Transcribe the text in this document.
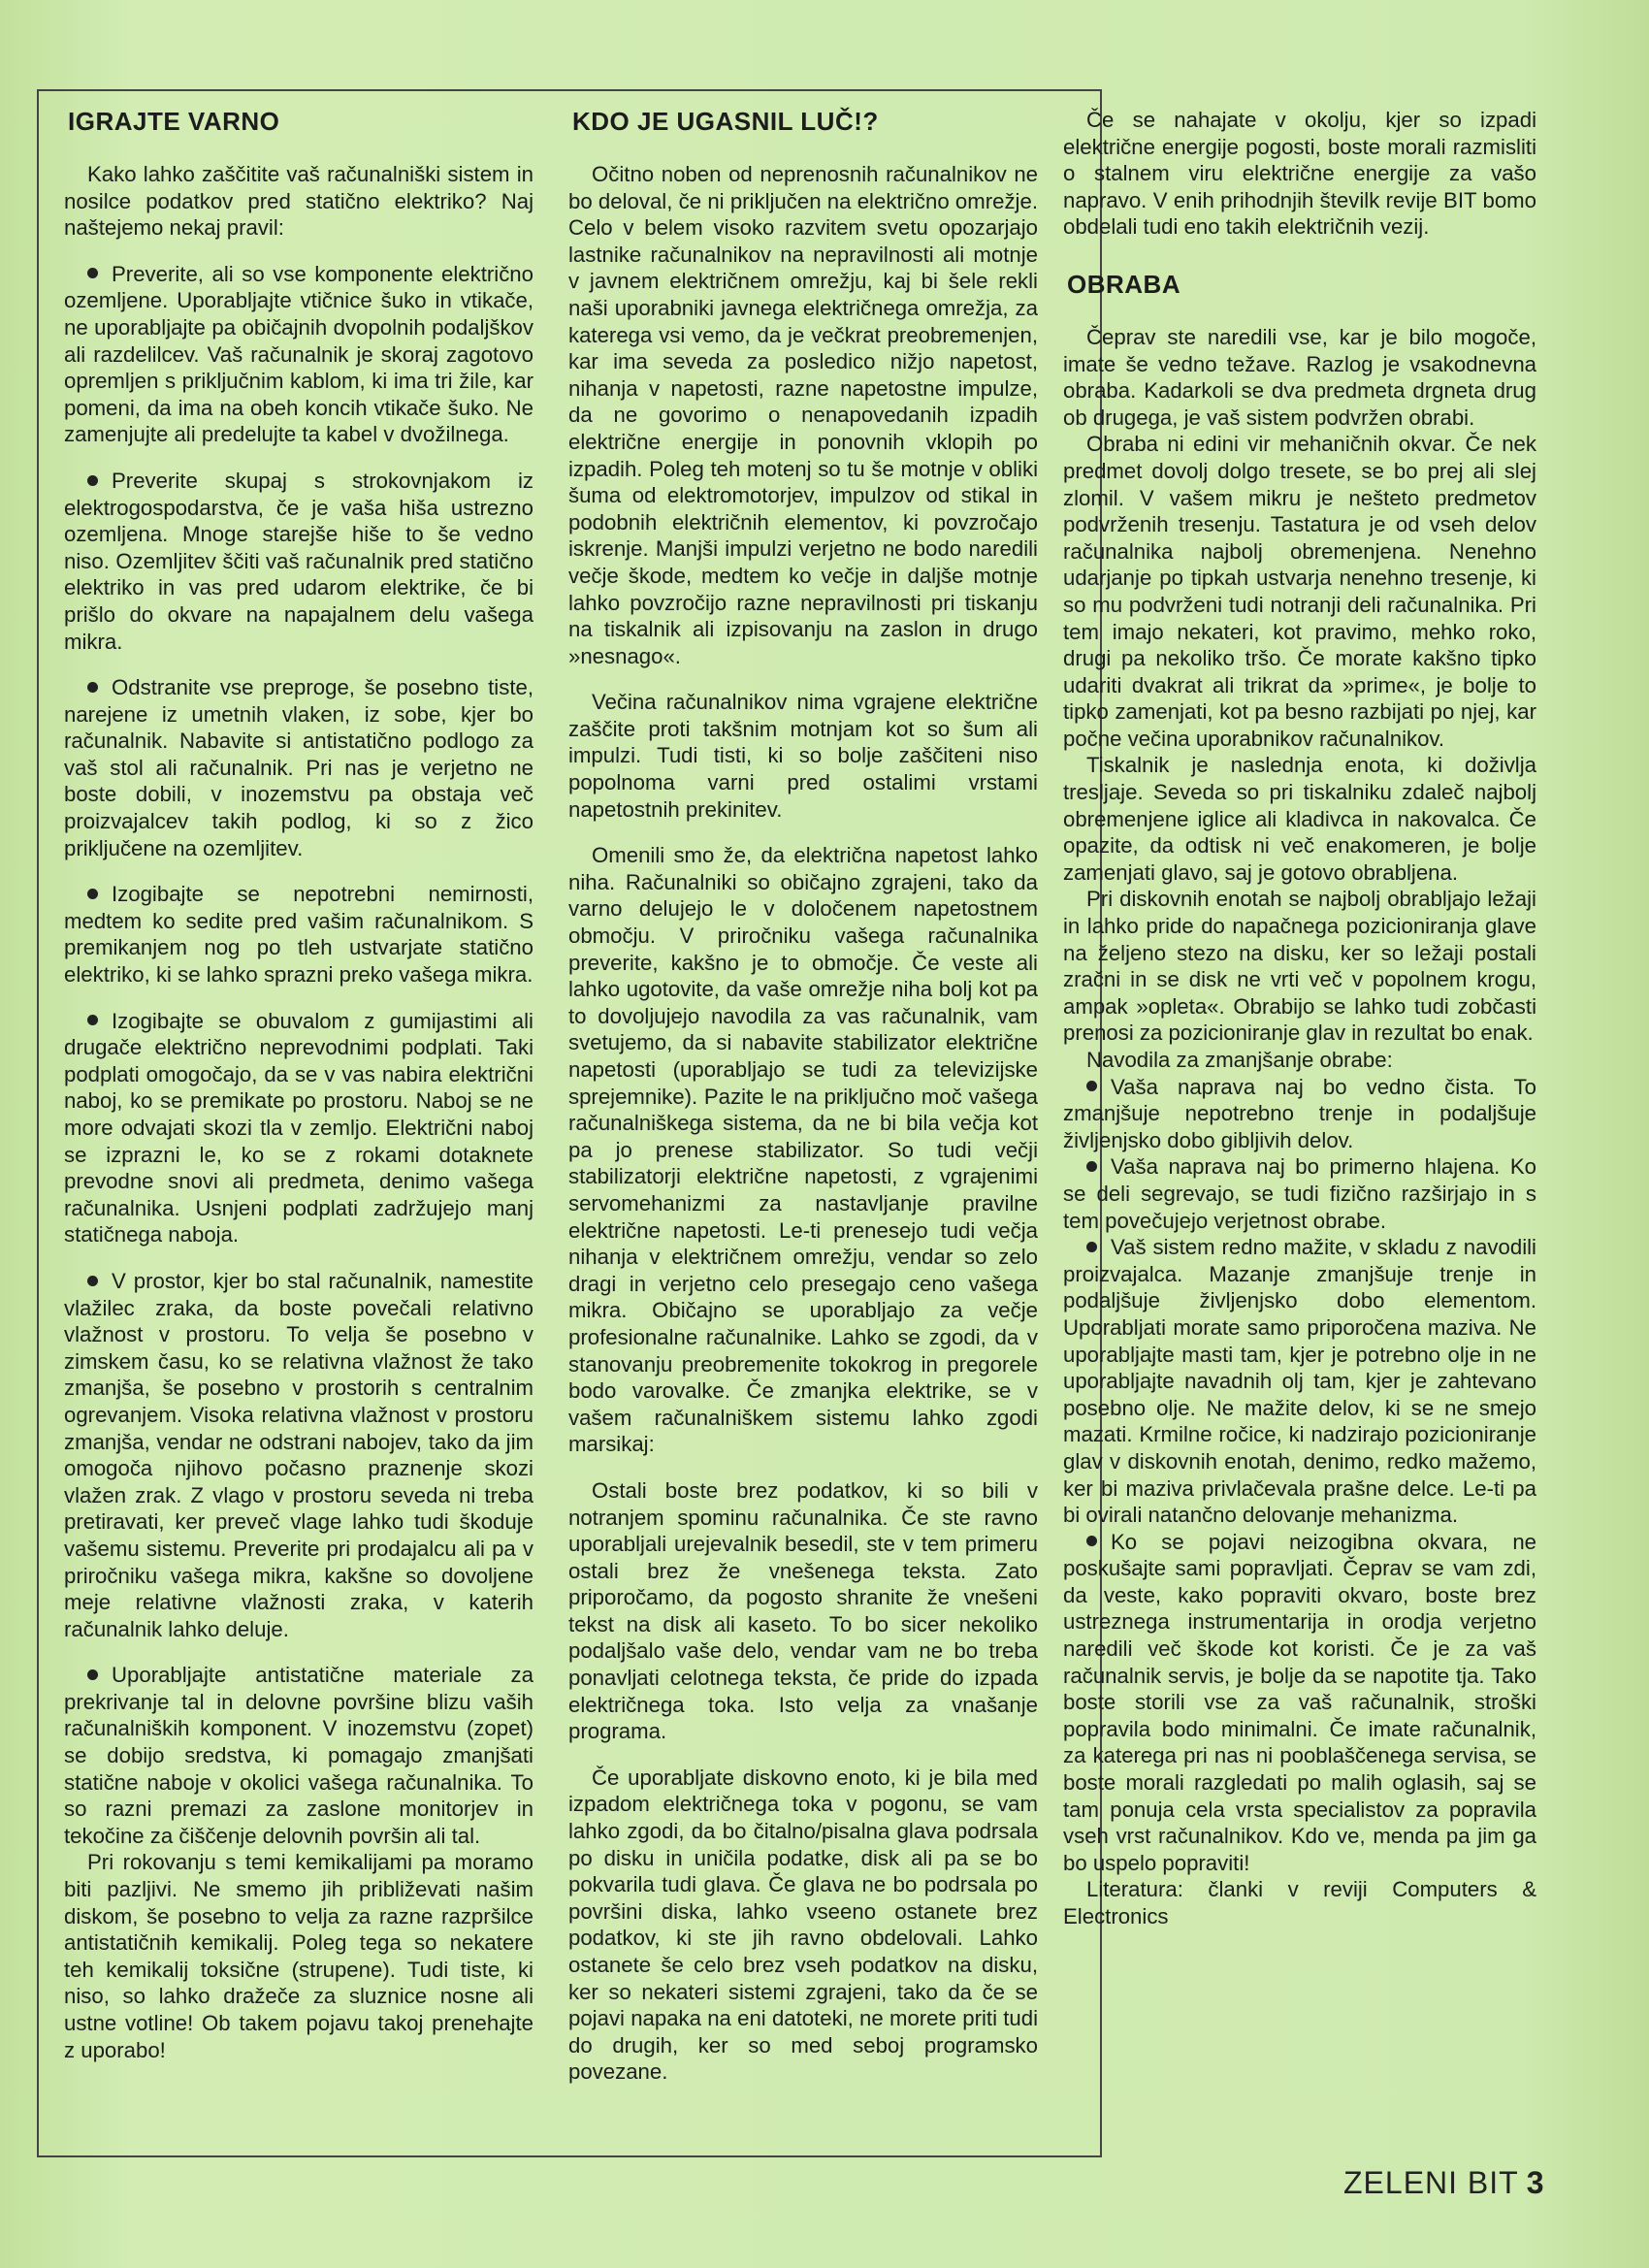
IGRAJTE VARNO

Kako lahko zaščitite vaš računalniški sistem in nosilce podatkov pred statično elektriko? Naj naštejemo nekaj pravil:

Preverite, ali so vse komponente električno ozemljene. Uporabljajte vtičnice šuko in vtikače, ne uporabljajte pa običajnih dvopolnih podaljškov ali razdelilcev. Vaš računalnik je skoraj zagotovo opremljen s priključnim kablom, ki ima tri žile, kar pomeni, da ima na obeh koncih vtikače šuko. Ne zamenjujte ali predelujte ta kabel v dvožilnega.

Preverite skupaj s strokovnjakom iz elektrogospodarstva, če je vaša hiša ustrezno ozemljena. Mnoge starejše hiše to še vedno niso. Ozemljitev ščiti vaš računalnik pred statično elektriko in vas pred udarom elektrike, če bi prišlo do okvare na napajalnem delu vašega mikra.

Odstranite vse preproge, še posebno tiste, narejene iz umetnih vlaken, iz sobe, kjer bo računalnik. Nabavite si antistatično podlogo za vaš stol ali računalnik. Pri nas je verjetno ne boste dobili, v inozemstvu pa obstaja več proizvajalcev takih podlog, ki so z žico priključene na ozemljitev.

Izogibajte se nepotrebni nemirnosti, medtem ko sedite pred vašim računalnikom. S premikanjem nog po tleh ustvarjate statično elektriko, ki se lahko sprazni preko vašega mikra.

Izogibajte se obuvalom z gumijastimi ali drugače električno neprevodnimi podplati. Taki podplati omogočajo, da se v vas nabira električni naboj, ko se premikate po prostoru. Naboj se ne more odvajati skozi tla v zemljo. Električni naboj se izprazni le, ko se z rokami dotaknete prevodne snovi ali predmeta, denimo vašega računalnika. Usnjeni podplati zadržujejo manj statičnega naboja.

V prostor, kjer bo stal računalnik, namestite vlažilec zraka, da boste povečali relativno vlažnost v prostoru. To velja še posebno v zimskem času, ko se relativna vlažnost že tako zmanjša, še posebno v prostorih s centralnim ogrevanjem. Visoka relativna vlažnost v prostoru zmanjša, vendar ne odstrani nabojev, tako da jim omogoča njihovo počasno praznenje skozi vlažen zrak. Z vlago v prostoru seveda ni treba pretiravati, ker preveč vlage lahko tudi škoduje vašemu sistemu. Preverite pri prodajalcu ali pa v priročniku vašega mikra, kakšne so dovoljene meje relativne vlažnosti zraka, v katerih računalnik lahko deluje.

Uporabljajte antistatične materiale za prekrivanje tal in delovne površine blizu vaših računalniških komponent. V inozemstvu (zopet) se dobijo sredstva, ki pomagajo zmanjšati statične naboje v okolici vašega računalnika. To so razni premazi za zaslone monitorjev in tekočine za čiščenje delovnih površin ali tal.

Pri rokovanju s temi kemikalijami pa moramo biti pazljivi. Ne smemo jih približevati našim diskom, še posebno to velja za razne razpršilce antistatičnih kemikalij. Poleg tega so nekatere teh kemikalij toksične (strupene). Tudi tiste, ki niso, so lahko dražeče za sluznice nosne ali ustne votline! Ob takem pojavu takoj prenehajte z uporabo!

KDO JE UGASNIL LUČ!?

Očitno noben od neprenosnih računalnikov ne bo deloval, če ni priključen na električno omrežje. Celo v belem visoko razvitem svetu opozarjajo lastnike računalnikov na nepravilnosti ali motnje v javnem električnem omrežju, kaj bi šele rekli naši uporabniki javnega električnega omrežja, za katerega vsi vemo, da je večkrat preobremenjen, kar ima seveda za posledico nižjo napetost, nihanja v napetosti, razne napetostne impulze, da ne govorimo o nenapovedanih izpadih električne energije in ponovnih vklopih po izpadih. Poleg teh motenj so tu še motnje v obliki šuma od elektromotorjev, impulzov od stikal in podobnih električnih elementov, ki povzročajo iskrenje. Manjši impulzi verjetno ne bodo naredili večje škode, medtem ko večje in daljše motnje lahko povzročijo razne nepravilnosti pri tiskanju na tiskalnik ali izpisovanju na zaslon in drugo »nesnago«.

Večina računalnikov nima vgrajene električne zaščite proti takšnim motnjam kot so šum ali impulzi. Tudi tisti, ki so bolje zaščiteni niso popolnoma varni pred ostalimi vrstami napetostnih prekinitev.

Omenili smo že, da električna napetost lahko niha. Računalniki so običajno zgrajeni, tako da varno delujejo le v določenem napetostnem območju. V priročniku vašega računalnika preverite, kakšno je to območje. Če veste ali lahko ugotovite, da vaše omrežje niha bolj kot pa to dovoljujejo navodila za vas računalnik, vam svetujemo, da si nabavite stabilizator električne napetosti (uporabljajo se tudi za televizijske sprejemnike). Pazite le na priključno moč vašega računalniškega sistema, da ne bi bila večja kot pa jo prenese stabilizator. So tudi večji stabilizatorji električne napetosti, z vgrajenimi servomehanizmi za nastavljanje pravilne električne napetosti. Le-ti prenesejo tudi večja nihanja v električnem omrežju, vendar so zelo dragi in verjetno celo presegajo ceno vašega mikra. Običajno se uporabljajo za večje profesionalne računalnike. Lahko se zgodi, da v stanovanju preobremenite tokokrog in pregorele bodo varovalke. Če zmanjka elektrike, se v vašem računalniškem sistemu lahko zgodi marsikaj:

Ostali boste brez podatkov, ki so bili v notranjem spominu računalnika. Če ste ravno uporabljali urejevalnik besedil, ste v tem primeru ostali brez že vnešenega teksta. Zato priporočamo, da pogosto shranite že vnešeni tekst na disk ali kaseto. To bo sicer nekoliko podaljšalo vaše delo, vendar vam ne bo treba ponavljati celotnega teksta, če pride do izpada električnega toka. Isto velja za vnašanje programa.

Če uporabljate diskovno enoto, ki je bila med izpadom električnega toka v pogonu, se vam lahko zgodi, da bo čitalno/pisalna glava podrsala po disku in uničila podatke, disk ali pa se bo pokvarila tudi glava. Če glava ne bo podrsala po površini diska, lahko vseeno ostanete brez podatkov, ki ste jih ravno obdelovali. Lahko ostanete še celo brez vseh podatkov na disku, ker so nekateri sistemi zgrajeni, tako da če se pojavi napaka na eni datoteki, ne morete priti tudi do drugih, ker so med seboj programsko povezane.

Če se nahajate v okolju, kjer so izpadi električne energije pogosti, boste morali razmisliti o stalnem viru električne energije za vašo napravo. V enih prihodnjih številk revije BIT bomo obdelali tudi eno takih električnih vezij.

OBRABA

Čeprav ste naredili vse, kar je bilo mogoče, imate še vedno težave. Razlog je vsakodnevna obraba. Kadarkoli se dva predmeta drgneta drug ob drugega, je vaš sistem podvržen obrabi.

Obraba ni edini vir mehaničnih okvar. Če nek predmet dovolj dolgo tresete, se bo prej ali slej zlomil. V vašem mikru je nešteto predmetov podvrženih tresenju. Tastatura je od vseh delov računalnika najbolj obremenjena. Nenehno udarjanje po tipkah ustvarja nenehno tresenje, ki so mu podvrženi tudi notranji deli računalnika. Pri tem imajo nekateri, kot pravimo, mehko roko, drugi pa nekoliko tršo. Če morate kakšno tipko udariti dvakrat ali trikrat da »prime«, je bolje to tipko zamenjati, kot pa besno razbijati po njej, kar počne večina uporabnikov računalnikov.

Tiskalnik je naslednja enota, ki doživlja tresljaje. Seveda so pri tiskalniku zdaleč najbolj obremenjene iglice ali kladivca in nakovalca. Če opazite, da odtisk ni več enakomeren, je bolje zamenjati glavo, saj je gotovo obrabljena.

Pri diskovnih enotah se najbolj obrabljajo ležaji in lahko pride do napačnega pozicioniranja glave na željeno stezo na disku, ker so ležaji postali zračni in se disk ne vrti več v popolnem krogu, ampak »opleta«. Obrabijo se lahko tudi zobčasti prenosi za pozicioniranje glav in rezultat bo enak.

Navodila za zmanjšanje obrabe:

Vaša naprava naj bo vedno čista. To zmanjšuje nepotrebno trenje in podaljšuje življenjsko dobo gibljivih delov.

Vaša naprava naj bo primerno hlajena. Ko se deli segrevajo, se tudi fizično razširjajo in s tem povečujejo verjetnost obrabe.

Vaš sistem redno mažite, v skladu z navodili proizvajalca. Mazanje zmanjšuje trenje in podaljšuje življenjsko dobo elementom. Uporabljati morate samo priporočena maziva. Ne uporabljajte masti tam, kjer je potrebno olje in ne uporabljajte navadnih olj tam, kjer je zahtevano posebno olje. Ne mažite delov, ki se ne smejo mazati. Krmilne ročice, ki nadzirajo pozicioniranje glav v diskovnih enotah, denimo, redko mažemo, ker bi maziva privlačevala prašne delce. Le-ti pa bi ovirali natančno delovanje mehanizma.

Ko se pojavi neizogibna okvara, ne poskušajte sami popravljati. Čeprav se vam zdi, da veste, kako popraviti okvaro, boste brez ustreznega instrumentarija in orodja verjetno naredili več škode kot koristi. Če je za vaš računalnik servis, je bolje da se napotite tja. Tako boste storili vse za vaš računalnik, stroški popravila bodo minimalni. Če imate računalnik, za katerega pri nas ni pooblaščenega servisa, se boste morali razgledati po malih oglasih, saj se tam ponuja cela vrsta specialistov za popravila vseh vrst računalnikov. Kdo ve, menda pa jim ga bo uspelo popraviti!

Literatura: članki v reviji Computers & Electronics

ZELENI BIT 3
